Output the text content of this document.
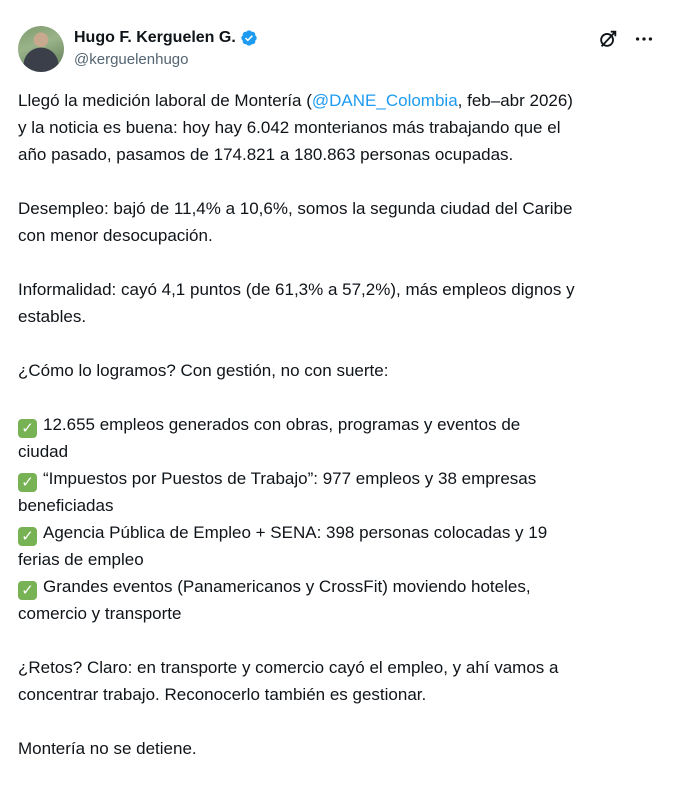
Hugo F. Kerguelen G.
@kerguelenhugo

Llegó la medición laboral de Montería (@DANE_Colombia, feb–abr 2026)
y la noticia es buena: hoy hay 6.042 monterianos más trabajando que el
año pasado, pasamos de 174.821 a 180.863 personas ocupadas.

Desempleo: bajó de 11,4% a 10,6%, somos la segunda ciudad del Caribe
con menor desocupación.

Informalidad: cayó 4,1 puntos (de 61,3% a 57,2%), más empleos dignos y
estables.

¿Cómo lo logramos? Con gestión, no con suerte:

✓ 12.655 empleos generados con obras, programas y eventos de
ciudad
✓ “Impuestos por Puestos de Trabajo”: 977 empleos y 38 empresas
beneficiadas
✓ Agencia Pública de Empleo + SENA: 398 personas colocadas y 19
ferias de empleo
✓ Grandes eventos (Panamericanos y CrossFit) moviendo hoteles,
comercio y transporte

¿Retos? Claro: en transporte y comercio cayó el empleo, y ahí vamos a
concentrar trabajo. Reconocerlo también es gestionar.

Montería no se detiene.
